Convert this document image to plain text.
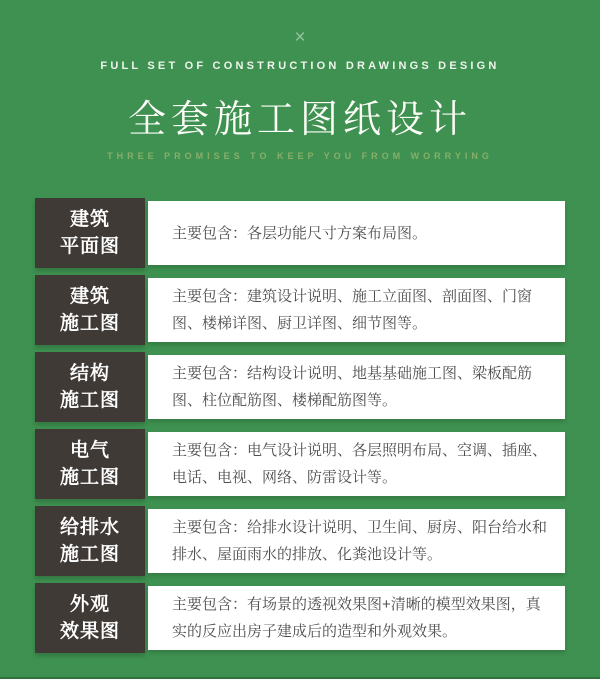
×
FULL SET OF CONSTRUCTION DRAWINGS DESIGN
全套施工图纸设计
THREE PROMISES TO KEEP YOU FROM WORRYING
建筑
平面图
主要包含：各层功能尺寸方案布局图。
建筑
施工图
主要包含：建筑设计说明、施工立面图、剖面图、门窗图、楼梯详图、厨卫详图、细节图等。
结构
施工图
主要包含：结构设计说明、地基基础施工图、梁板配筋图、柱位配筋图、楼梯配筋图等。
电气
施工图
主要包含：电气设计说明、各层照明布局、空调、插座、电话、电视、网络、防雷设计等。
给排水
施工图
主要包含：给排水设计说明、卫生间、厨房、阳台给水和排水、屋面雨水的排放、化粪池设计等。
外观
效果图
主要包含：有场景的透视效果图+清晰的模型效果图，真实的反应出房子建成后的造型和外观效果。
